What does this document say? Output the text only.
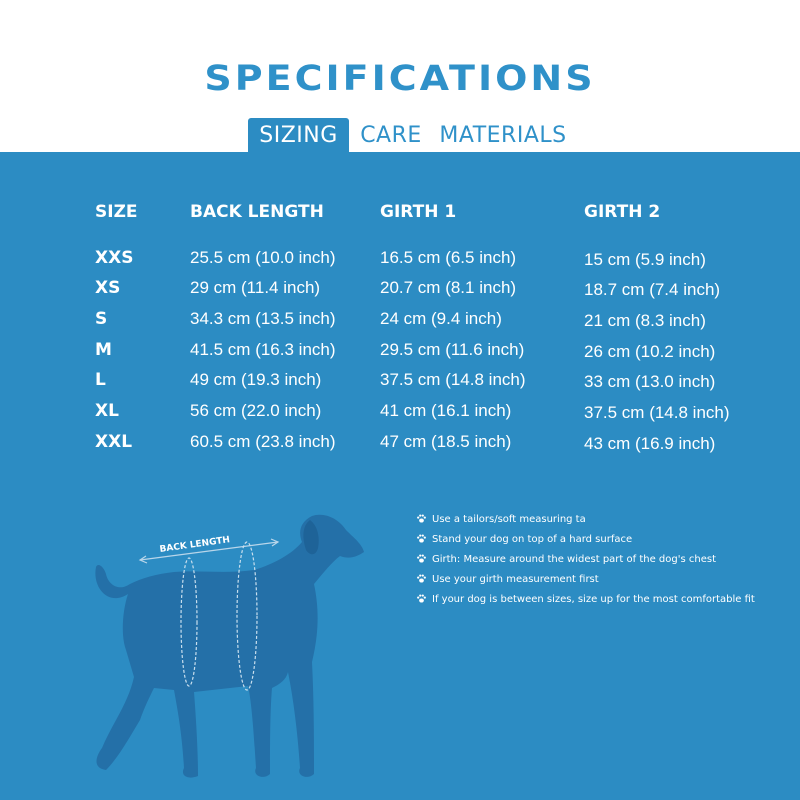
SPECIFICATIONS
SIZING	CARE MATERIALS
SIZE	BACK LENGTH	GIRTH 1	GIRTH 2
XXS	25.5 cm (10.0 inch)	16.5 cm (6.5 inch)	15 cm (5.9 inch)
XS	29 cm (11.4 inch)	20.7 cm (8.1 inch)	18.7 cm (7.4 inch)
S	34.3 cm (13.5 inch)	24 cm (9.4 inch)	21 cm (8.3 inch)
M	41.5 cm (16.3 inch)	29.5 cm (11.6 inch)	26 cm (10.2 inch)
L	49 cm (19.3 inch)	37.5 cm (14.8 inch)	33 cm (13.0 inch)
XL	56 cm (22.0 inch)	41 cm (16.1 inch)	37.5 cm (14.8 inch)
XXL	60.5 cm (23.8 inch)	47 cm (18.5 inch)	43 cm (16.9 inch)
BACK LENGTH
Use a tailors/soft measuring ta
Stand your dog on top of a hard surface
Girth: Measure around the widest part of the dog's chest
Use your girth measurement first
If your dog is between sizes, size up for the most comfortable fit
